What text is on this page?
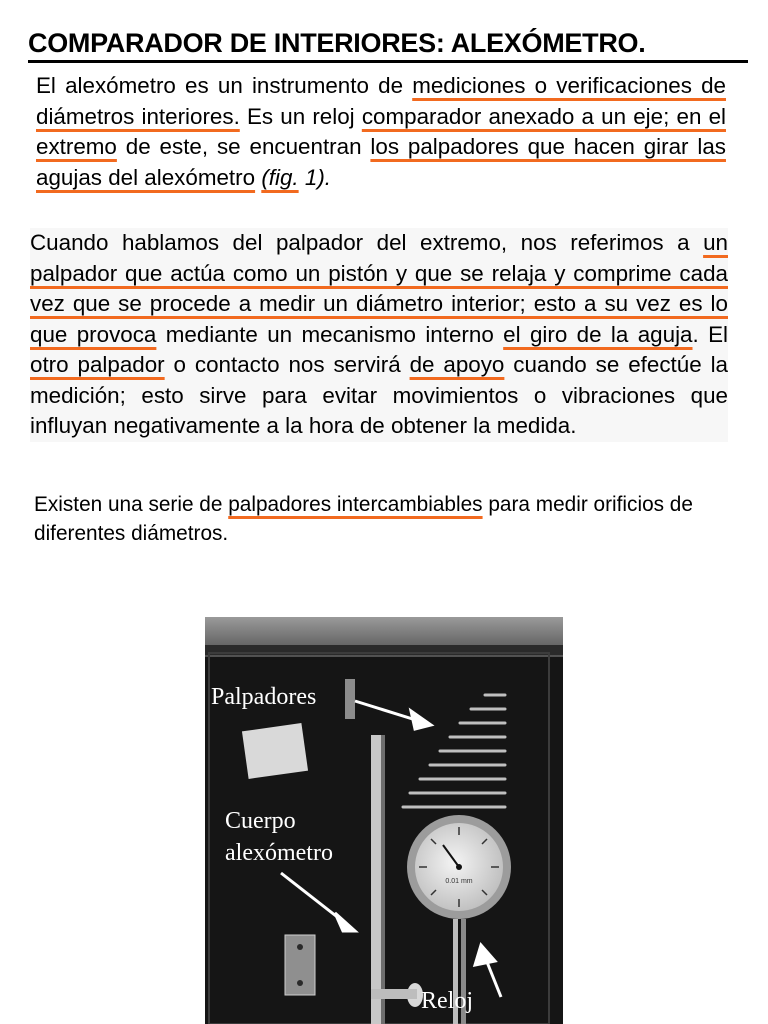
COMPARADOR DE INTERIORES: ALEXÓMETRO.

El alexómetro es un instrumento de mediciones o verificaciones de diámetros interiores. Es un reloj comparador anexado a un eje; en el extremo de este, se encuentran los palpadores que hacen girar las agujas del alexómetro (fig. 1).

Cuando hablamos del palpador del extremo, nos referimos a un palpador que actúa como un pistón y que se relaja y comprime cada vez que se procede a medir un diámetro interior; esto a su vez es lo que provoca mediante un mecanismo interno el giro de la aguja. El otro palpador o contacto nos servirá de apoyo cuando se efectúe la medición; esto sirve para evitar movimientos o vibraciones que influyan negativamente a la hora de obtener la medida.

Existen una serie de palpadores intercambiables para medir orificios de diferentes diámetros.

0.01 mm
Palpadores
Cuerpo
alexómetro
Reloj
